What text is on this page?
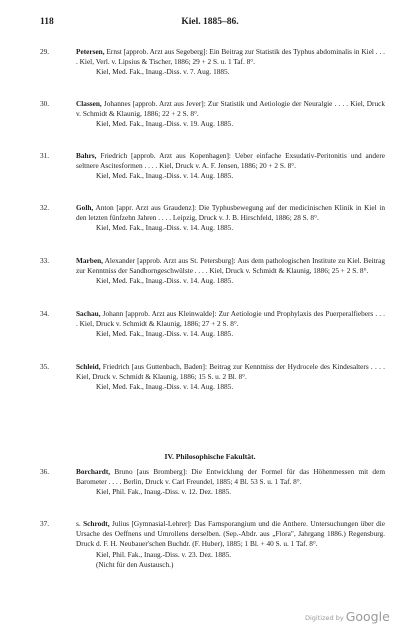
118	Kiel. 1885–86.
29.	Petersen, Ernst [approb. Arzt aus Segeberg]: Ein Beitrag zur Statistik des Typhus abdominalis in Kiel . . . . Kiel, Verl. v. Lipsius & Tischer, 1886; 29 + 2 S. u. 1 Taf. 8°.
Kiel, Med. Fak., Inaug.-Diss. v. 7. Aug. 1885.
30.	Classen, Johannes [approb. Arzt aus Jever]: Zur Statistik und Aetiologie der Neuralgie . . . . Kiel, Druck v. Schmidt & Klaunig, 1886; 22 + 2 S. 8°.
Kiel, Med. Fak., Inaug.-Diss. v. 19. Aug. 1885.
31.	Bahrs, Friedrich [approb. Arzt aus Kopenhagen]: Ueber einfache Exsudativ-Peritonitis und andere seltnere Ascitesformen . . . . Kiel, Druck v. A. F. Jensen, 1886; 20 + 2 S. 8°.
Kiel, Med. Fak., Inaug.-Diss. v. 14. Aug. 1885.
32.	Golh, Anton [appr. Arzt aus Graudenz]: Die Typhusbewegung auf der medicinischen Klinik in Kiel in den letzten fünfzehn Jahren . . . . Leipzig, Druck v. J. B. Hirschfeld, 1886; 28 S. 8°.
Kiel, Med. Fak., Inaug.-Diss. v. 14. Aug. 1885.
33.	Marben, Alexander [approb. Arzt aus St. Petersburg]: Aus dem pathologischen Institute zu Kiel. Beitrag zur Kenntniss der Sandhorngeschwülste . . . . Kiel, Druck v. Schmidt & Klaunig, 1886; 25 + 2 S. 8°.
Kiel, Med. Fak., Inaug.-Diss. v. 14. Aug. 1885.
34.	Sachau, Johann [approb. Arzt aus Kleinwalde]: Zur Aetiologie und Prophylaxis des Puerperalfiebers . . . . Kiel, Druck v. Schmidt & Klaunig, 1886; 27 + 2 S. 8°.
Kiel, Med. Fak., Inaug.-Diss. v. 14. Aug. 1885.
35.	Schleid, Friedrich [aus Guttenbach, Baden]: Beitrag zur Kenntniss der Hydrocele des Kindesalters . . . . Kiel, Druck v. Schmidt & Klaunig, 1886; 15 S. u. 2 Bl. 8°.
Kiel, Med. Fak., Inaug.-Diss. v. 14. Aug. 1885.
IV. Philosophische Fakultät.
36.	Borchardt, Bruno [aus Bromberg]: Die Entwicklung der Formel für das Höhenmessen mit dem Barometer . . . . Berlin, Druck v. Carl Freundel, 1885; 4 Bl. 53 S. u. 1 Taf. 8°.
Kiel, Phil. Fak., Inaug.-Diss. v. 12. Dez. 1885.
37.	s. Schrodt, Julius [Gymnasial-Lehrer]: Das Farnsporangium und die Anthere. Untersuchungen über die Ursache des Oeffnens und Umrollens derselben. (Sep.-Abdr. aus „Flora", Jahrgang 1886.) Regensburg. Druck d. F. H. Neubauer'schen Buchdr. (F. Huber), 1885; 1 Bl. + 40 S. u. 1 Taf. 8°.
Kiel, Phil. Fak., Inaug.-Diss. v. 23. Dez. 1885.
(Nicht für den Austausch.)
Digitized by Google
